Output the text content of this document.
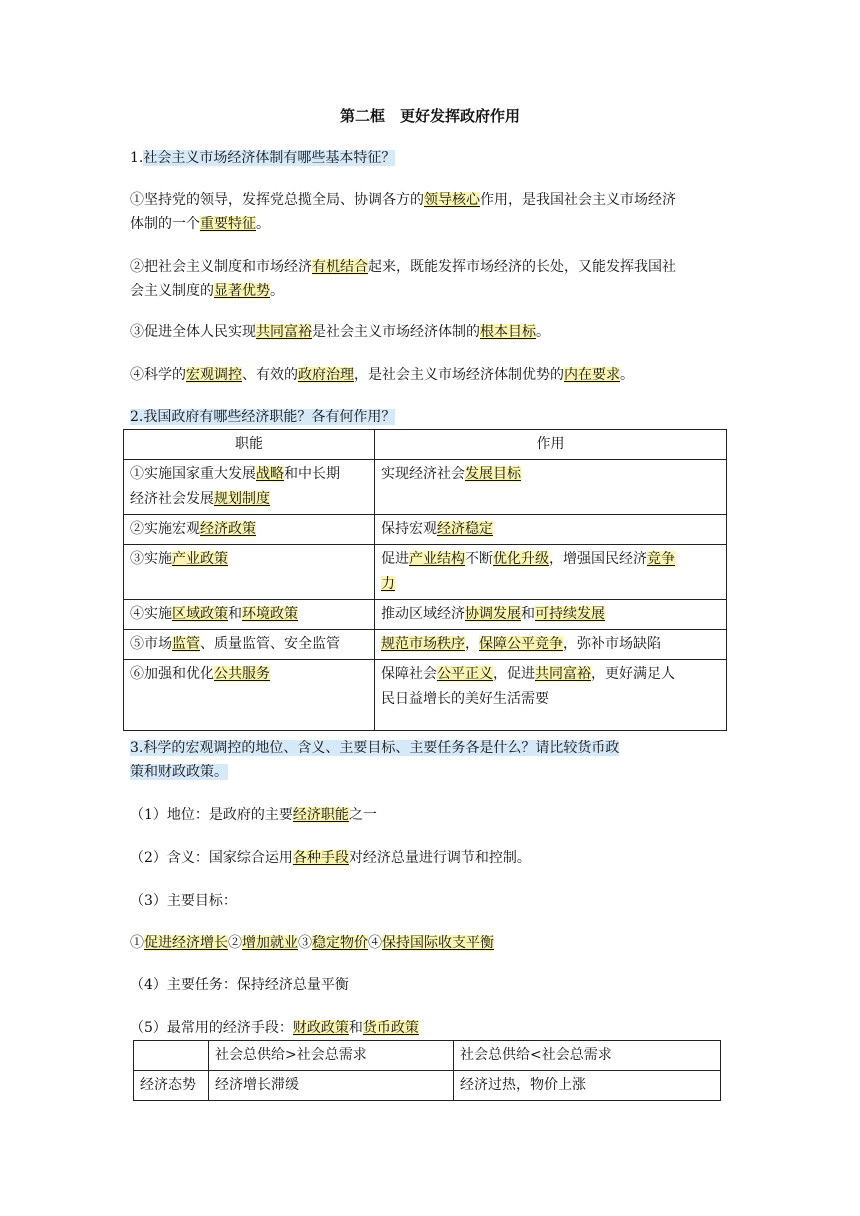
第二框　更好发挥政府作用
1.社会主义市场经济体制有哪些基本特征？
①坚持党的领导，发挥党总揽全局、协调各方的领导核心作用，是我国社会主义市场经济
体制的一个重要特征。
②把社会主义制度和市场经济有机结合起来，既能发挥市场经济的长处，又能发挥我国社
会主义制度的显著优势。
③促进全体人民实现共同富裕是社会主义市场经济体制的根本目标。
④科学的宏观调控、有效的政府治理，是社会主义市场经济体制优势的内在要求。
2.我国政府有哪些经济职能？各有何作用？
职能	作用

①实施国家重大发展战略和中长期
经济社会发展规划制度	实现经济社会发展目标
②实施宏观经济政策	保持宏观经济稳定
③实施产业政策	促进产业结构不断优化升级，增强国民经济竞争
力

④实施区域政策和环境政策	推动区域经济协调发展和可持续发展
⑤市场监管、质量监管、安全监管	规范市场秩序，保障公平竞争，弥补市场缺陷
⑥加强和优化公共服务	保障社会公平正义，促进共同富裕，更好满足人
民日益增长的美好生活需要
3.科学的宏观调控的地位、含义、主要目标、主要任务各是什么？请比较货币政
策和财政政策。
（1）地位：是政府的主要经济职能之一
（2）含义：国家综合运用各种手段对经济总量进行调节和控制。
（3）主要目标：
①促进经济增长②增加就业③稳定物价④保持国际收支平衡
（4）主要任务：保持经济总量平衡
（5）最常用的经济手段：财政政策和货币政策
	社会总供给>社会总需求	社会总供给<社会总需求
经济态势	经济增长滞缓	经济过热，物价上涨
